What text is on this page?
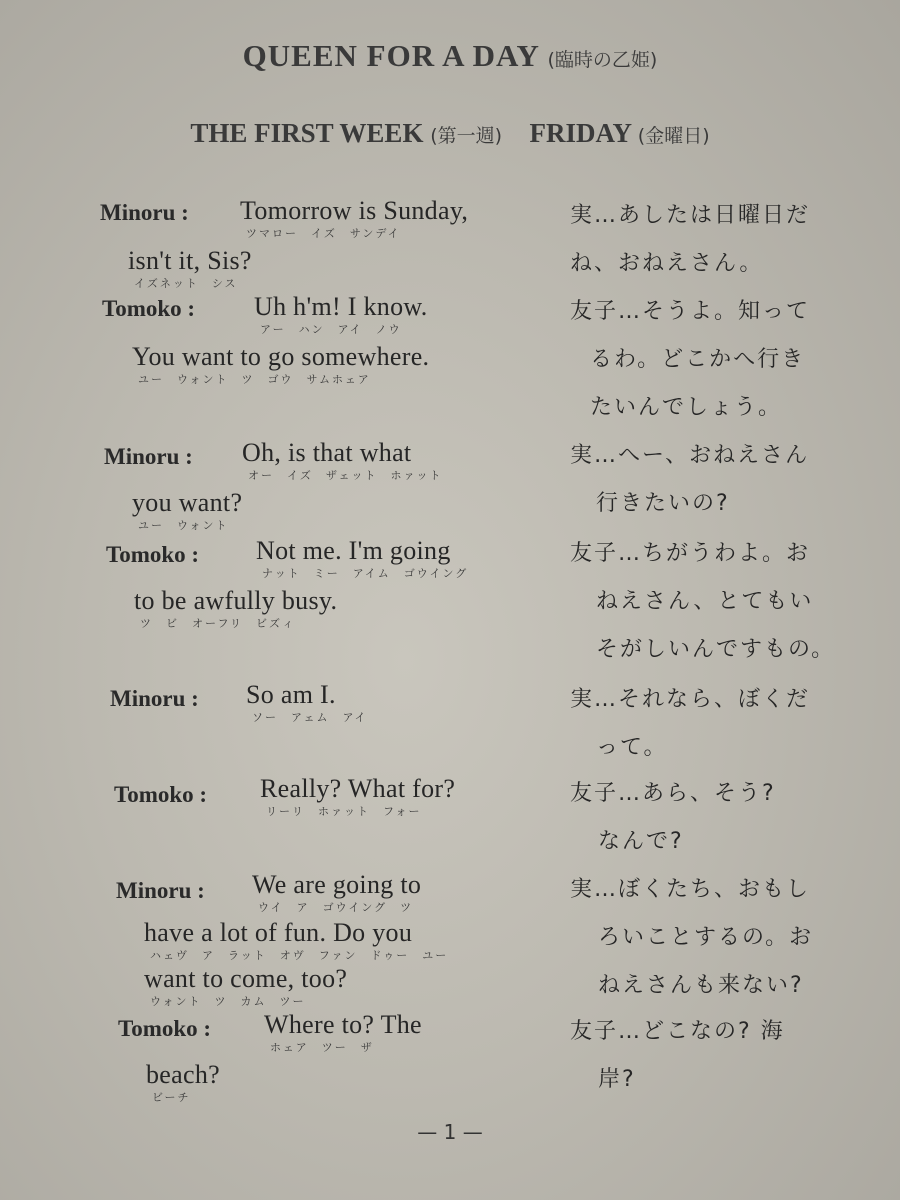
QUEEN FOR A DAY (臨時の乙姫)
THE FIRST WEEK (第一週) FRIDAY (金曜日)
Minoru : Tomorrow is Sunday,
ツマロー　イズ　サンデイ
isn't it, Sis?
イズネット　シス
実…あしたは日曜日だ
ね、おねえさん。
Tomoko : Uh h'm! I know.
アー　ハン　アイ　ノウ
You want to go somewhere.
ユー　ウォント　ツ　ゴウ　サムホェア
友子…そうよ。知って
るわ。どこかへ行き
たいんでしょう。
Minoru : Oh, is that what
オー　イズ　ザェット　ホァット
you want?
ユー　ウォント
実…へー、おねえさん
行きたいの?
Tomoko : Not me. I'm going
ナット　ミー　アイム　ゴウイング
to be awfully busy.
ツ　ビ　オーフリ　ビズィ
友子…ちがうわよ。お
ねえさん、とてもい
そがしいんですもの。
Minoru : So am I.
ソー　アェム　アイ
実…それなら、ぼくだ
って。
Tomoko : Really? What for?
リーリ　ホァット　フォー
友子…あら、そう?
なんで?
Minoru : We are going to
ウイ　ア　ゴウイング　ツ
have a lot of fun. Do you
ハェヴ　ア　ラット　オヴ　ファン　ドゥー　ユー
want to come, too?
ウォント　ツ　カム　ツー
実…ぼくたち、おもし
ろいことするの。お
ねえさんも来ない?
Tomoko : Where to? The
ホェア　ツー　ザ
beach?
ビーチ
友子…どこなの? 海
岸?
— 1 —
